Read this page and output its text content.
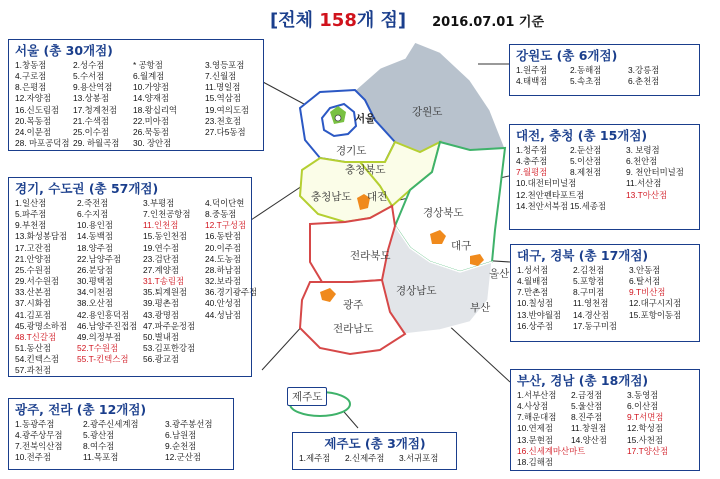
서울
강원도
경기도
충청북도
충청남도 대전
경상북도
대구
전라북도
울산
경상남도
광주	부산
전라남도
제주도
[전체 158개 점] 2016.07.01 기준
서울 (총 30개점)
1.창동점	2.성수점	* 공항점	3.영등포점
4.구로점	5.수서점	6.월계점	7.신월점
8.은평점	9.용산역점	10.가양점	11.명일점
12.자양점	13.상봉점	14.양재점	15.역삼점
16.신도림점	17.청계천점	18.왕십리역	19.여의도점
20.목동점	21.수색점	22.미아점	23.천호점
24.이문점	25.이수점	26.묵동점	27.다5동점
28. 마포공덕점 29. 하월곡점	30. 장안점
경기, 수도권 (총 57개점)
1.일산점	2.죽전점	3.부평점	4.덕이단현
5.파주점	6.수지점	7.인천공항점	8.중동점
9.부천점	10.용인점	11.인천점	12.T구성점
13.화성봉담점	14.동백점	15.동인천점	16.동탄점
17.고잔점	18.양주점	19.연수점	20.이주점
21.안양점	22.남양주점	23.검단점	24.도농점
25.수원점	26.분당점	27.계양점	28.하남점
29.서수원점	30.평택점	31.T송림점	32.보라점
33.산본점	34.이천점	35.퇴계원점	36.경기광주점
37.시화점	38.오산점	39.평촌점	40.안성점
41.김포점	42.용인흥덕점	43.광명점	44.성남점
45.광명소하점	46.남양주진접점 47.파주운정점
48.T신갈점	49.의정부점	50.별내점
51.동산점	52.T수원점	53.김포한강점
54.킨텍스점	55.T-킨텍스점	56.광교점
57.과천점
광주, 전라 (총 12개점)
1.동광주점	2.광주신세계점	3.광주봉선점
4.광주상무점	5.광산점	6.남원점
7.전북익산점	8.여수점	9.순천점
10.전주점	11.목포점	12.군산점
강원도 (총 6개점)
1.원주점	2.동해점	3.강릉점
4.태백점	5.속초점	6.춘천점
대전, 충청 (총 15개점)
1.청주점	2.둔산점	3. 보령점
4.충주점	5.이산점	6.천안점
7.월평점	8.제천점	9. 천안터미널점
10.대전터미널점	11.서산점
12.천안펜타포트점	13.T아산점
14.천안서북점 15.세종점
대구, 경북 (총 17개점)
1.성서점	2.김천점	3.안동점
4.월배점	5.포항점	6.탈서점
7.만촌점	8.구미점	9.T비산점
10.칠성점	11.영천점	12.대구시지점
13.반야월점	14.경산점	15.포항이동점
16.상주점	17.동구미점
부산, 경남 (총 18개점)
1.서부산점	2.금정점	3.동영점
4.사상점	5.울산점	6.이산점
7.해운대점	8.진주점	9.T서면점
10.연제점	11.창원점	12.학성점
13.문현점	14.양산점	15.사천점
16.신세계마산마트	17.T양산점
18.김해점
제주도 (총 3개점)
1.제주점	2.신제주점	3.서귀포점
